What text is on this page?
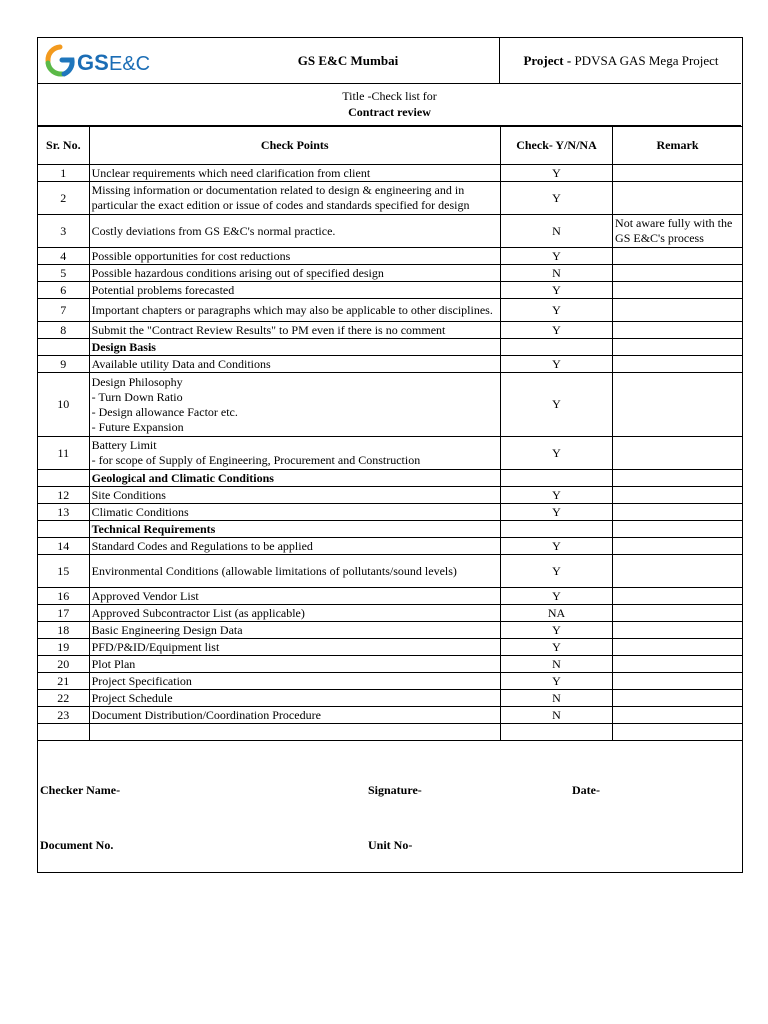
GS E&C	GS E&C Mumbai	Project - PDVSA GAS Mega Project
Title -Check list for
Contract review
Sr. No.	Check Points	Check- Y/N/NA	Remark
1	Unclear requirements which need clarification from client	Y	
2	Missing information or documentation related to design & engineering and in particular the exact edition or issue of codes and standards specified for design	Y	
3	Costly deviations from GS E&C's normal practice.	N	Not aware fully with the GS E&C's process
4	Possible opportunities for cost reductions	Y	
5	Possible hazardous conditions arising out of specified design	N	
6	Potential problems forecasted	Y	
7	Important chapters or paragraphs which may also be applicable to other disciplines.	Y	
8	Submit the "Contract Review Results" to PM even if there is no comment	Y	
	Design Basis		
9	Available utility Data and Conditions	Y	
10	Design Philosophy
- Turn Down Ratio
- Design allowance Factor etc.
- Future Expansion	Y	
11	Battery Limit
- for scope of Supply of Engineering, Procurement and Construction	Y	
	Geological and Climatic Conditions		
12	Site Conditions	Y	
13	Climatic Conditions	Y	
	Technical Requirements		
14	Standard Codes and Regulations to be applied	Y	
15	Environmental Conditions (allowable limitations of pollutants/sound levels)	Y	
16	Approved Vendor List	Y	
17	Approved Subcontractor List (as applicable)	NA	
18	Basic Engineering Design Data	Y	
19	PFD/P&ID/Equipment list	Y	
20	Plot Plan	N	
21	Project Specification	Y	
22	Project Schedule	N	
23	Document Distribution/Coordination Procedure	N	

Checker Name-	Signature-	Date-
Document No.	Unit No-
